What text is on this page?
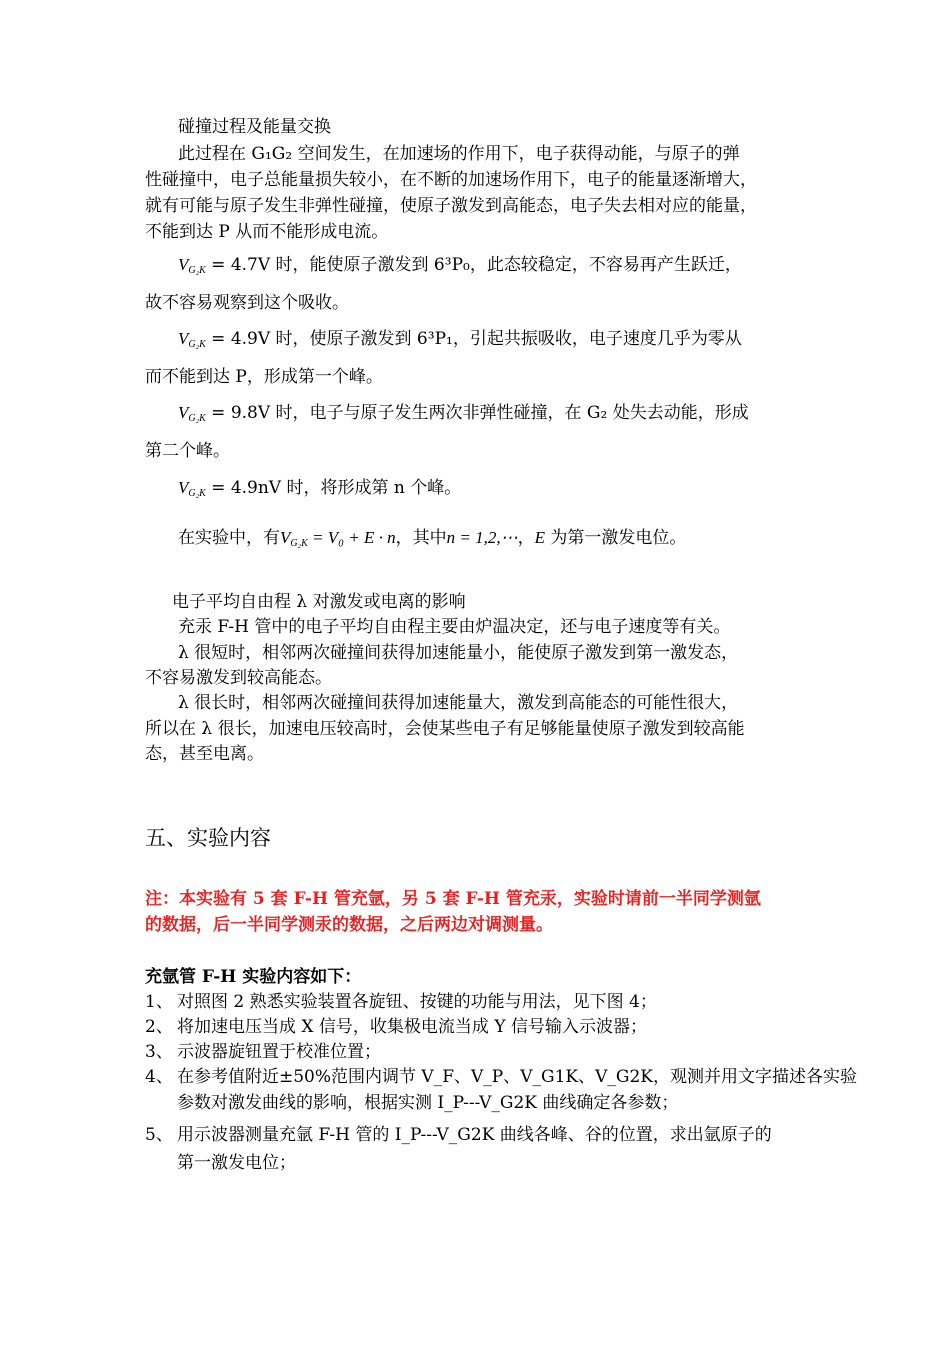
碰撞过程及能量交换
此过程在 G₁G₂ 空间发生，在加速场的作用下，电子获得动能，与原子的弹
性碰撞中，电子总能量损失较小，在不断的加速场作用下，电子的能量逐渐增大，
就有可能与原子发生非弹性碰撞，使原子激发到高能态，电子失去相对应的能量，
不能到达 P 从而不能形成电流。
$V_{G_2K} = 4.7V$ 时，能使原子激发到 6³P₀，此态较稳定，不容易再产生跃迁，
故不容易观察到这个吸收。
$V_{G_2K} = 4.9V$ 时，使原子激发到 6³P₁，引起共振吸收，电子速度几乎为零从
而不能到达 P，形成第一个峰。
$V_{G_2K} = 9.8V$ 时，电子与原子发生两次非弹性碰撞，在 G₂ 处失去动能，形成
第二个峰。
$V_{G_2K} = 4.9nV$ 时，将形成第 n 个峰。
在实验中，有$V_{G_2K} = V_0 + E \cdot n$，其中n = 1,2,⋯，E 为第一激发电位。
电子平均自由程 λ 对激发或电离的影响
充汞 F-H 管中的电子平均自由程主要由炉温决定，还与电子速度等有关。
λ 很短时，相邻两次碰撞间获得加速能量小，能使原子激发到第一激发态，
不容易激发到较高能态。
λ 很长时，相邻两次碰撞间获得加速能量大，激发到高能态的可能性很大，
所以在 λ 很长，加速电压较高时，会使某些电子有足够能量使原子激发到较高能
态，甚至电离。
五、实验内容
注：本实验有 5 套 F-H 管充氩，另 5 套 F-H 管充汞，实验时请前一半同学测氩
的数据，后一半同学测汞的数据，之后两边对调测量。
充氩管 F-H 实验内容如下：
1、 对照图 2 熟悉实验装置各旋钮、按键的功能与用法，见下图 4；
2、 将加速电压当成 X 信号，收集极电流当成 Y 信号输入示波器；
3、 示波器旋钮置于校准位置；
4、 在参考值附近±50%范围内调节 V_F、V_P、V_G1K、V_G2K，观测并用文字描述各实验
参数对激发曲线的影响，根据实测 I_P---V_G2K 曲线确定各参数；
5、 用示波器测量充氩 F-H 管的 I_P---V_G2K 曲线各峰、谷的位置，求出氩原子的
第一激发电位；
